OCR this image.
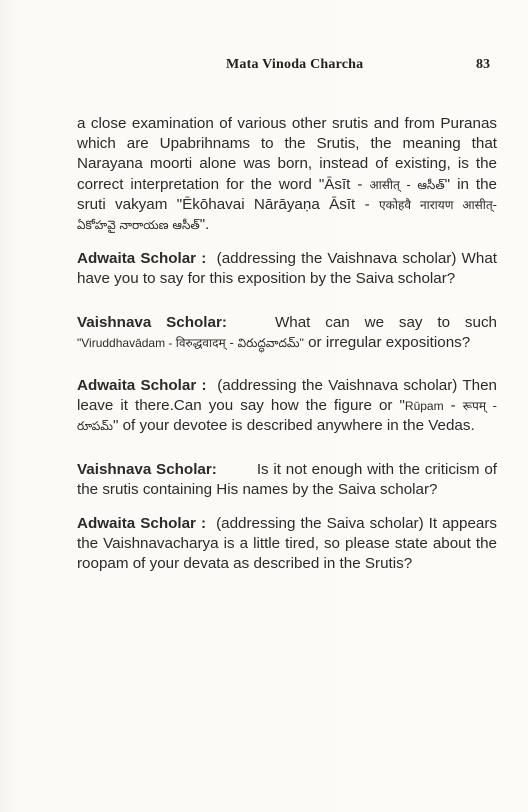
Mata Vinoda Charcha	83

a close examination of various other srutis and from Puranas which are Upabrihnams to the Srutis, the meaning that Narayana moorti alone was born, instead of existing, is the correct interpretation for the word "Āsīt - आसीत् - ఆసీత్" in the sruti vakyam "Ēkōhavai Nārāyaṇa Āsīt - एकोहवै नारायण आसीत्- ఏకోహవై నారాయణ ఆసీత్".

Adwaita Scholar : (addressing the Vaishnava scholar) What have you to say for this exposition by the Saiva scholar?

Vaishnava Scholar:	What can we say to such "Viruddhavādam - विरुद्धवादम् - విరుద్ధవాదమ్" or irregular expositions?

Adwaita Scholar : (addressing the Vaishnava scholar) Then leave it there.Can you say how the figure or "Rūpam - रूपम् - రూపమ్" of your devotee is described anywhere in the Vedas.

Vaishnava Scholar:	Is it not enough with the criticism of the srutis containing His names by the Saiva scholar?

Adwaita Scholar : (addressing the Saiva scholar) It appears the Vaishnavacharya is a little tired, so please state about the roopam of your devata as described in the Srutis?
